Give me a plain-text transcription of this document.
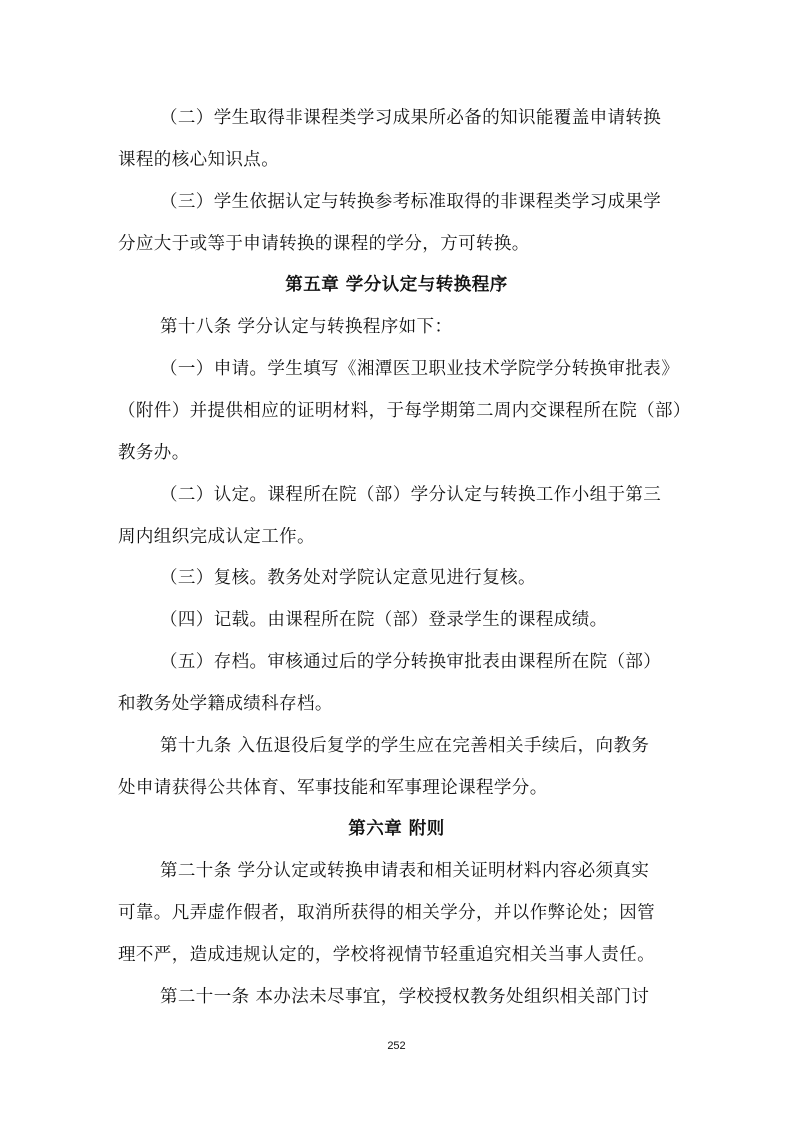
（二）学生取得非课程类学习成果所必备的知识能覆盖申请转换
课程的核心知识点。
（三）学生依据认定与转换参考标准取得的非课程类学习成果学
分应大于或等于申请转换的课程的学分，方可转换。
第五章 学分认定与转换程序
第十八条 学分认定与转换程序如下：
（一）申请。学生填写《湘潭医卫职业技术学院学分转换审批表》
（附件）并提供相应的证明材料，于每学期第二周内交课程所在院（部）
教务办。
（二）认定。课程所在院（部）学分认定与转换工作小组于第三
周内组织完成认定工作。
（三）复核。教务处对学院认定意见进行复核。
（四）记载。由课程所在院（部）登录学生的课程成绩。
（五）存档。审核通过后的学分转换审批表由课程所在院（部）
和教务处学籍成绩科存档。
第十九条 入伍退役后复学的学生应在完善相关手续后，向教务
处申请获得公共体育、军事技能和军事理论课程学分。
第六章 附则
第二十条 学分认定或转换申请表和相关证明材料内容必须真实
可靠。凡弄虚作假者，取消所获得的相关学分，并以作弊论处；因管
理不严，造成违规认定的，学校将视情节轻重追究相关当事人责任。
第二十一条 本办法未尽事宜，学校授权教务处组织相关部门讨
252
